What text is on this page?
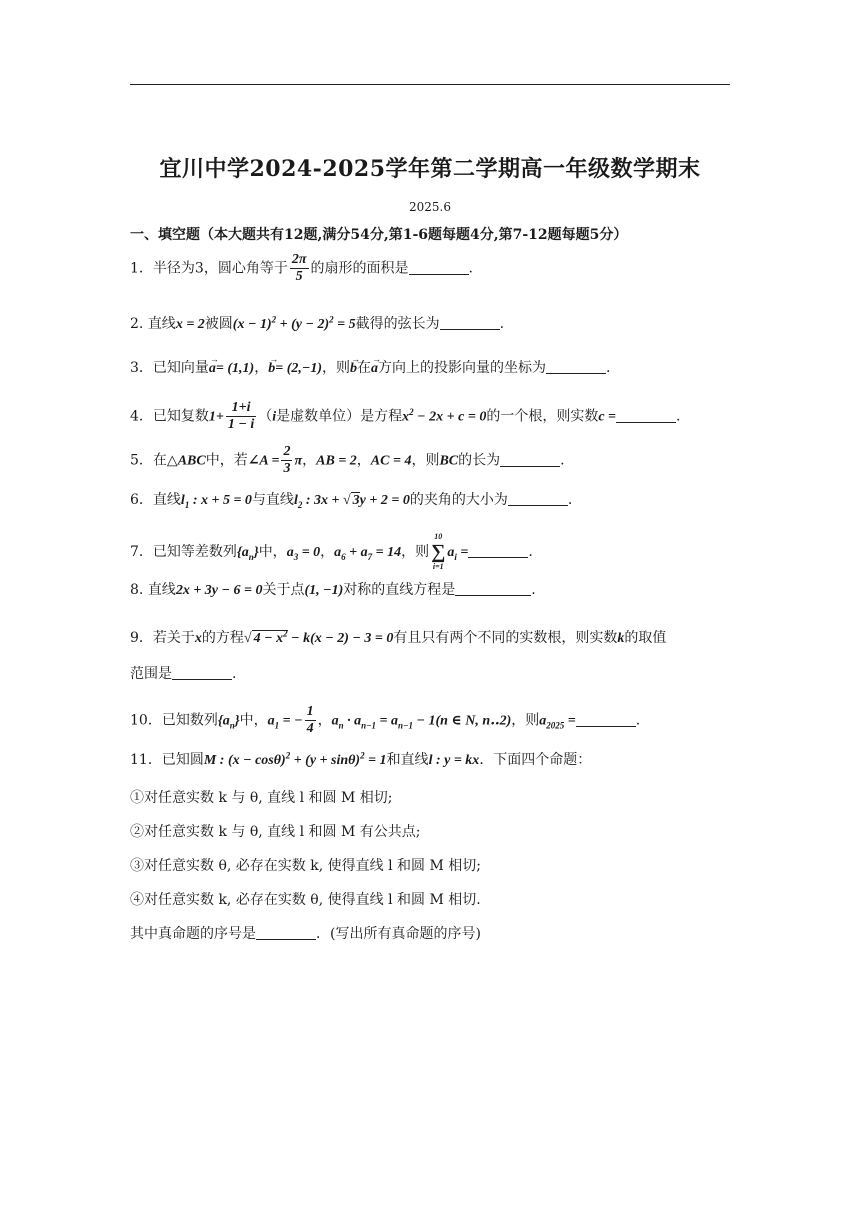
宜川中学2024-2025学年第二学期高一年级数学期末
2025.6
一、填空题（本大题共有12题,满分54分,第1-6题每题4分,第7-12题每题5分）
1．半径为3，圆心角等于 $\frac{2\pi}{5}$ 的扇形的面积是	.
2. 直线x = 2被圆$(x - 1)^2 + (y - 2)^2 = 5$截得的弦长为	.
3．已知向量→ a= (1,1)，→ b= (2,−1)，则→ b在→ a方向上的投影向量的坐标为	.
4．已知复数$1+ \frac{1+i}{1 - i} (i$是虚数单位）是方程$x^2 - 2x + c = 0$的一个根，则实数c =	.
5．在△ABC中，若∠A = $\frac{2}{3}$ π，AB = 2，AC = 4，则BC的长为	.
6．直线$l_1$ : x + 5 = 0与直线$l_2$ : 3x + √ 3y + 2 = 0的夹角的大小为	.
7．已知等差数列$\{a_n\}$中，$a_3 = 0$，$a_6 + a_7 = 14$，则
10
∑
i=1
$a_i$ =	.
8. 直线2x + 3y − 6 = 0关于点(1, −1)对称的直线方程是	.
9．若关于x的方程√ $4 - x^2 - k(x - 2) - 3 = 0$有且只有两个不同的实数根，则实数k的取值
范围是	.
10．已知数列$\{a_n\}$中，$a_1$ = − $\frac{1}{4}$ ，$a_n \cdot a_{n-1} = a_{n-1} - 1(n$ ∈ N, n‥2)，则$a_{2025}$ =	.
11．已知圆M : $(x - \cos\theta)^2 + (y + \sin\theta)^2 = 1$和直线l : y = kx．下面四个命题：
①对任意实数 k 与 θ, 直线 l 和圆 M 相切;
②对任意实数 k 与 θ, 直线 l 和圆 M 有公共点;
③对任意实数 θ, 必存在实数 k, 使得直线 l 和圆 M 相切;
④对任意实数 k, 必存在实数 θ, 使得直线 l 和圆 M 相切.
其中真命题的序号是	．(写出所有真命题的序号)
